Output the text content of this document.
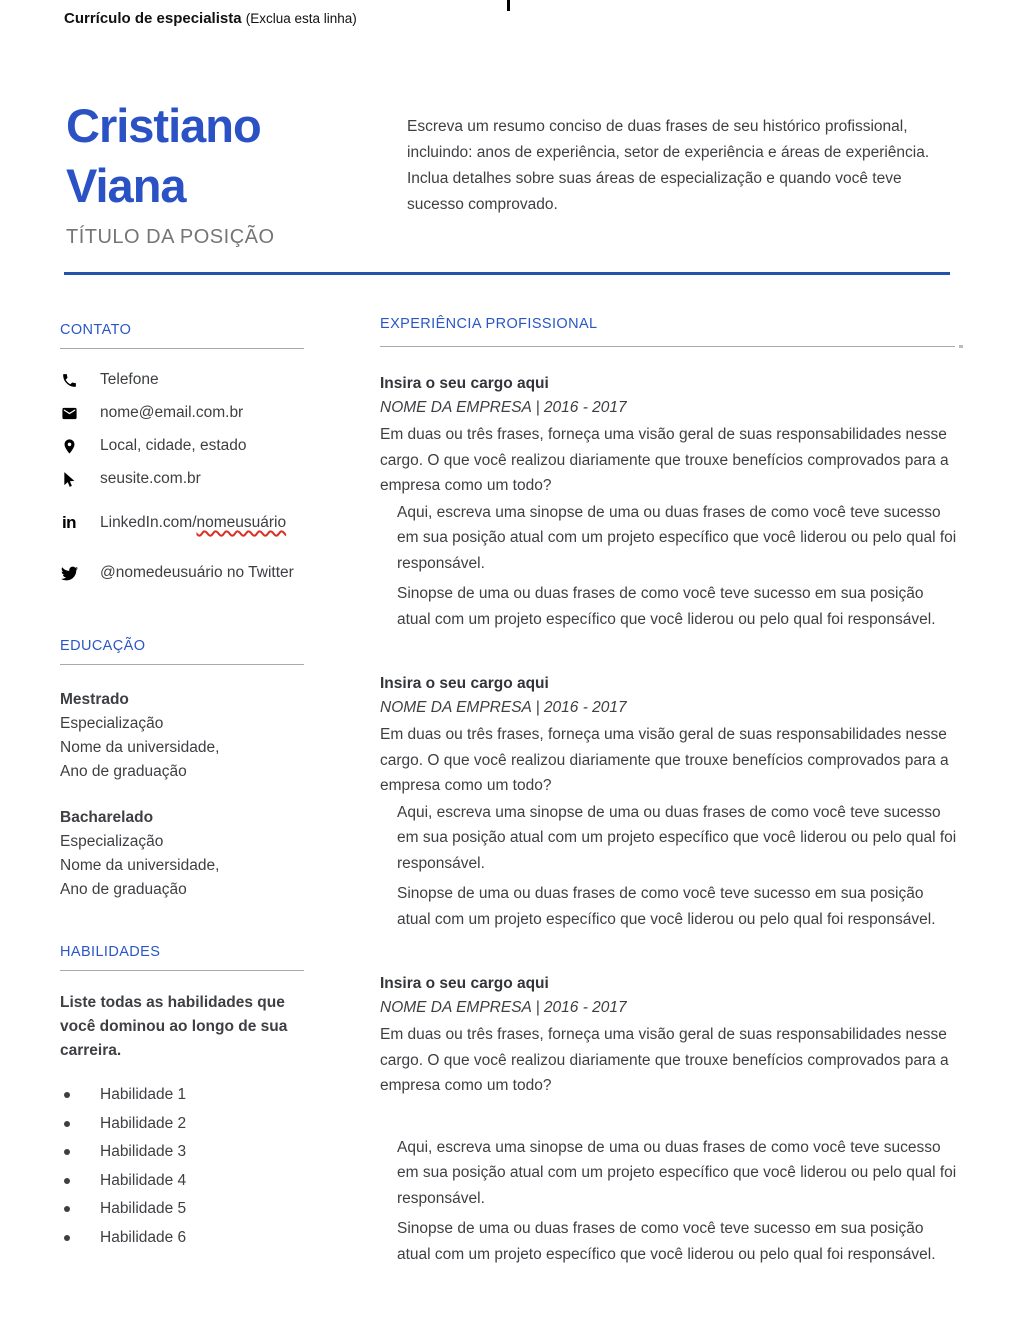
Currículo de especialista (Exclua esta linha)
Cristiano
Viana
TÍTULO DA POSIÇÃO
Escreva um resumo conciso de duas frases de seu histórico profissional, incluindo: anos de experiência, setor de experiência e áreas de experiência. Inclua detalhes sobre suas áreas de especialização e quando você teve sucesso comprovado.
CONTATO
Telefone
nome@email.com.br
Local, cidade, estado
seusite.com.br
in LinkedIn.com/nomeusuário
@nomedeusuário no Twitter
EDUCAÇÃO
Mestrado
Especialização
Nome da universidade,
Ano de graduação
Bacharelado
Especialização
Nome da universidade,
Ano de graduação
HABILIDADES
Liste todas as habilidades que você dominou ao longo de sua carreira.
Habilidade 1
Habilidade 2
Habilidade 3
Habilidade 4
Habilidade 5
Habilidade 6
EXPERIÊNCIA PROFISSIONAL
Insira o seu cargo aqui
NOME DA EMPRESA | 2016 - 2017
Em duas ou três frases, forneça uma visão geral de suas responsabilidades nesse cargo. O que você realizou diariamente que trouxe benefícios comprovados para a empresa como um todo?

Aqui, escreva uma sinopse de uma ou duas frases de como você teve sucesso em sua posição atual com um projeto específico que você liderou ou pelo qual foi responsável.

Sinopse de uma ou duas frases de como você teve sucesso em sua posição atual com um projeto específico que você liderou ou pelo qual foi responsável.

Insira o seu cargo aqui
NOME DA EMPRESA | 2016 - 2017
Em duas ou três frases, forneça uma visão geral de suas responsabilidades nesse cargo. O que você realizou diariamente que trouxe benefícios comprovados para a empresa como um todo?

Aqui, escreva uma sinopse de uma ou duas frases de como você teve sucesso em sua posição atual com um projeto específico que você liderou ou pelo qual foi responsável.

Sinopse de uma ou duas frases de como você teve sucesso em sua posição atual com um projeto específico que você liderou ou pelo qual foi responsável.

Insira o seu cargo aqui
NOME DA EMPRESA | 2016 - 2017
Em duas ou três frases, forneça uma visão geral de suas responsabilidades nesse cargo. O que você realizou diariamente que trouxe benefícios comprovados para a empresa como um todo?

Aqui, escreva uma sinopse de uma ou duas frases de como você teve sucesso em sua posição atual com um projeto específico que você liderou ou pelo qual foi responsável.

Sinopse de uma ou duas frases de como você teve sucesso em sua posição atual com um projeto específico que você liderou ou pelo qual foi responsável.
